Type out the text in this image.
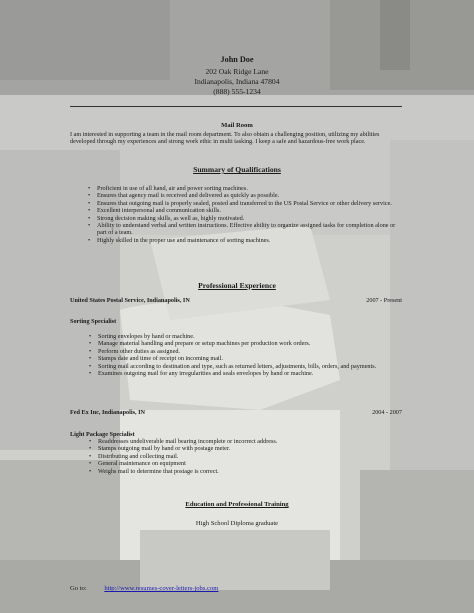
John Doe
202 Oak Ridge Lane
Indianapolis, Indiana 47804
(888) 555-1234
Mail Room
I am interested in supporting a team in the mail room department. To also obtain a challenging position, utilizing my abilities developed through my experiences and strong work ethic in multi tasking. I keep a safe and hazardous-free work place.
Summary of Qualifications
• Proficient in use of all hand, air and power sorting machines.
• Ensures that agency mail is received and delivered as quickly as possible.
• Ensures that outgoing mail is properly sealed, posted and transferred to the US Postal Service or other delivery service.
• Excellent interpersonal and communication skills.
• Strong decision making skills, as well as, highly motivated.
• Ability to understand verbal and written instructions. Effective ability to organize assigned tasks for completion alone or part of a team.
• Highly skilled in the proper use and maintenance of sorting machines.
Professional Experience
United States Postal Service, Indianapolis, IN	2007 - Present
Sorting Specialist
• Sorting envelopes by hand or machine.
• Manage material handling and prepare or setup machines per production work orders.
• Perform other duties as assigned.
• Stamps date and time of receipt on incoming mail.
• Sorting mail according to destination and type, such as returned letters, adjustments, bills, orders, and payments.
• Examines outgoing mail for any irregularities and seals envelopes by hand or machine.
Fed Ex Inc, Indianapolis, IN	2004 - 2007
Light Package Specialist
• Readdresses undeliverable mail bearing incomplete or incorrect address.
• Stamps outgoing mail by hand or with postage meter.
• Distributing and collecting mail.
• General maintenance on equipment
• Weighs mail to determine that postage is correct.
Education and Professional Training
High School Diploma graduate
Go to:	http://www.resumes-cover-letters-jobs.com
